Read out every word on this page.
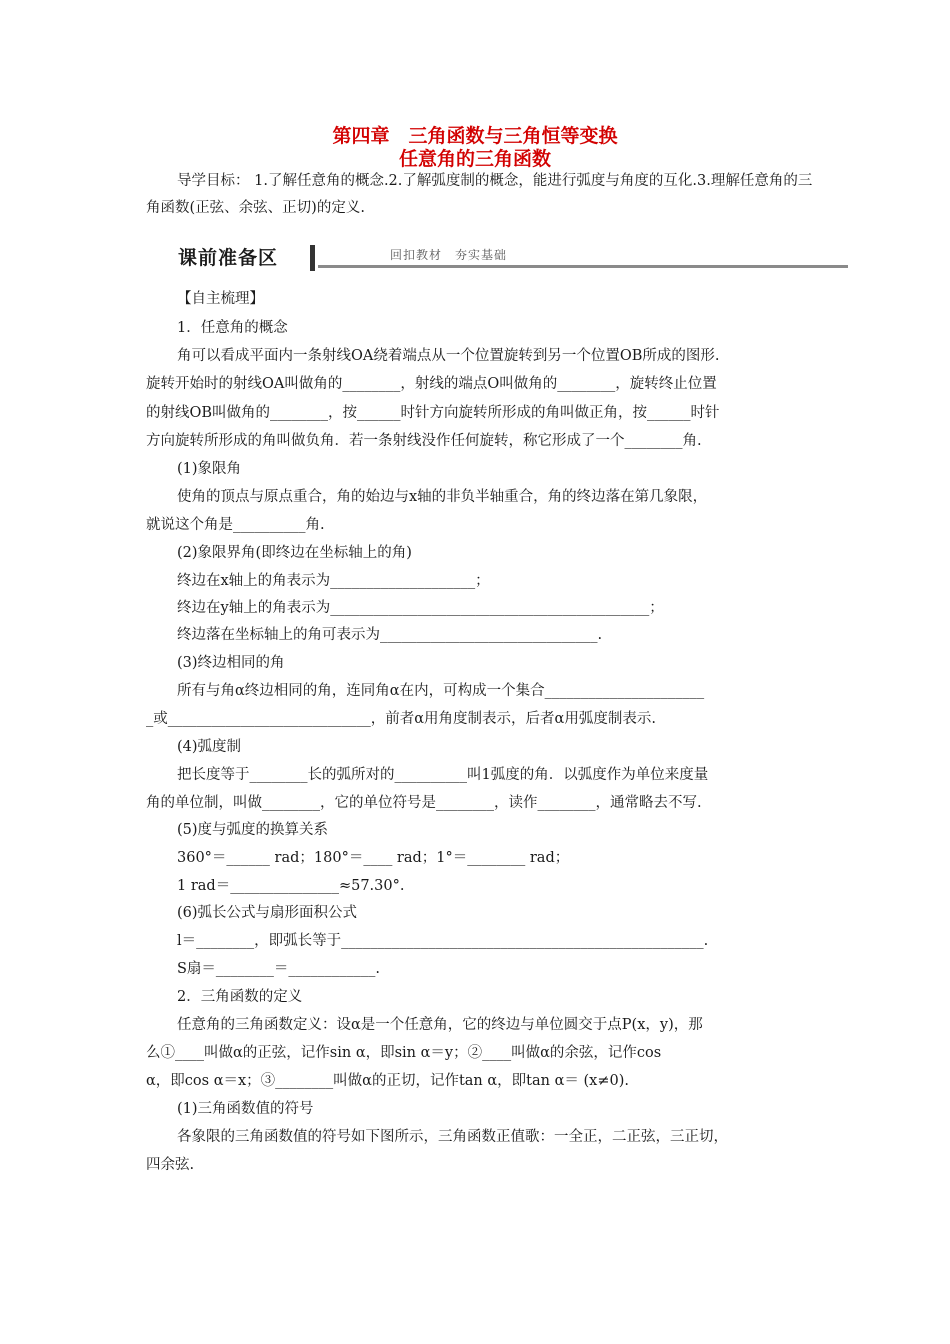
第四章　三角函数与三角恒等变换
任意角的三角函数
导学目标： 1.了解任意角的概念.2.了解弧度制的概念，能进行弧度与角度的互化.3.理解任意角的三角函数(正弦、余弦、正切)的定义.
课前准备区	回扣教材　夯实基础
【自主梳理】
1．任意角的概念
角可以看成平面内一条射线OA绕着端点从一个位置旋转到另一个位置OB所成的图形.
旋转开始时的射线OA叫做角的________，射线的端点O叫做角的________，旋转终止位置
的射线OB叫做角的________，按______时针方向旋转所形成的角叫做正角，按______时针
方向旋转所形成的角叫做负角．若一条射线没作任何旋转，称它形成了一个________角.
(1)象限角
使角的顶点与原点重合，角的始边与x轴的非负半轴重合，角的终边落在第几象限，
就说这个角是__________角.
(2)象限界角(即终边在坐标轴上的角)
终边在x轴上的角表示为____________________；
终边在y轴上的角表示为____________________________________________；
终边落在坐标轴上的角可表示为______________________________.
(3)终边相同的角
所有与角α终边相同的角，连同角α在内，可构成一个集合______________________
_或____________________________，前者α用角度制表示，后者α用弧度制表示.
(4)弧度制
把长度等于________长的弧所对的__________叫1弧度的角．以弧度作为单位来度量
角的单位制，叫做________，它的单位符号是________，读作________，通常略去不写.
(5)度与弧度的换算关系
360°＝______ rad；180°＝____ rad；1°＝________ rad；
1 rad＝_______________≈57.30°.
(6)弧长公式与扇形面积公式
l＝________，即弧长等于__________________________________________________.
S扇＝________＝____________.
2．三角函数的定义
任意角的三角函数定义：设α是一个任意角，它的终边与单位圆交于点P(x，y)，那
么①____叫做α的正弦，记作sin α，即sin α＝y；②____叫做α的余弦，记作cos
α，即cos α＝x；③________叫做α的正切，记作tan α，即tan α＝ (x≠0).
(1)三角函数值的符号
各象限的三角函数值的符号如下图所示，三角函数正值歌：一全正，二正弦，三正切，
四余弦.
